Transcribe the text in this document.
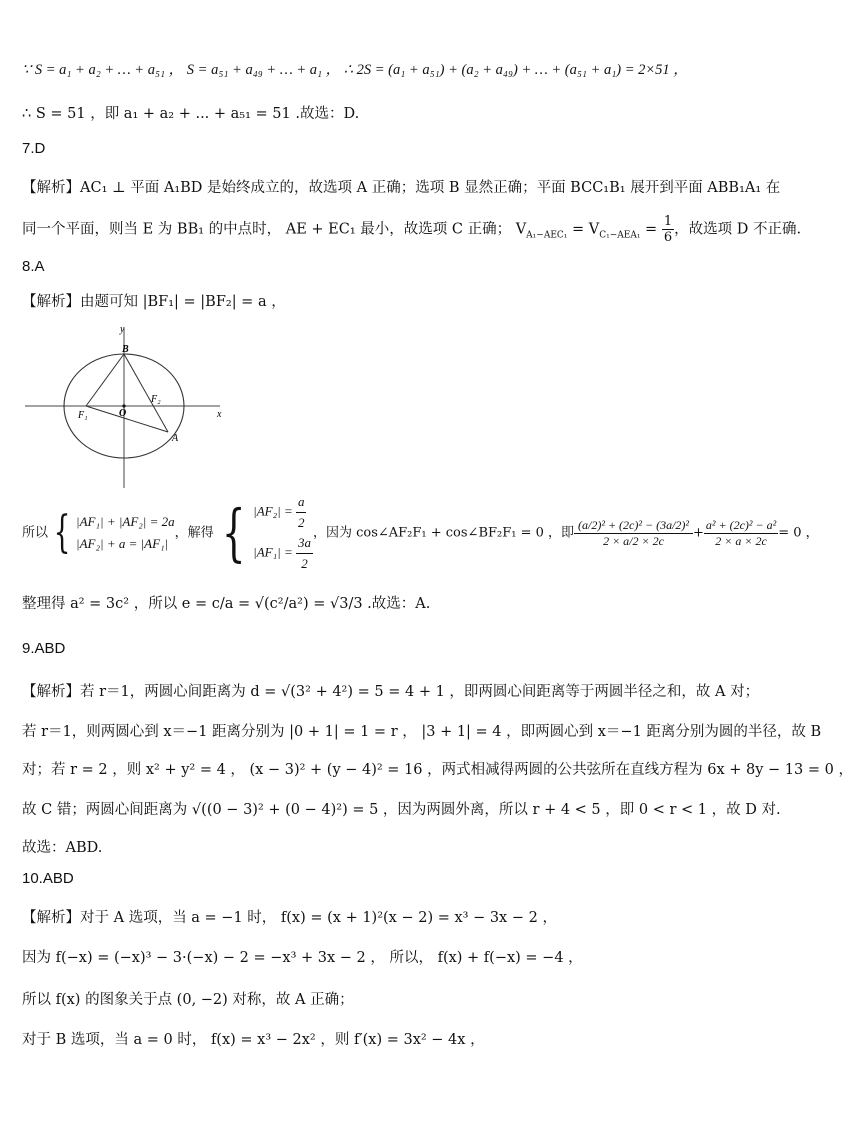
∵ S = a₁ + a₂ + … + a₅₁ ， S = a₅₁ + a₄₉ + … + a₁ ， ∴ 2S = (a₁ + a₅₁) + (a₂ + a₄₉) + … + (a₅₁ + a₁) = 2×51 ，
∴ S = 51 ，即 a₁ + a₂ + ... + a₅₁ = 51 .故选：D.
7.D
【解析】AC₁ ⊥ 平面 A₁BD 是始终成立的，故选项 A 正确；选项 B 显然正确；平面 BCC₁B₁ 展开到平面 ABB₁A₁ 在
同一个平面，则当 E 为 BB₁ 的中点时， AE + EC₁ 最小，故选项 C 正确； $V_{A_1-AEC_1} = V_{C_1-AEA_1} = \frac{1}{6}$ ，故选项 D 不正确.
8.A
【解析】由题可知 |BF₁| = |BF₂| = a ，
y
x
B
F₁	O
F₂
A
所以 { |AF₁| + |AF₂| = 2a
|AF₂| + a = |AF₁|
，解得 { $|AF_2| = \frac{a}{2}$
$|AF_1| = \frac{3a}{2}$ ，因为 cos∠AF₂F₁ + cos∠BF₂F₁ = 0 ，即 $\frac{\text{(a/2)² + (2c)² − (3a/2)²}}{2 \times a/2 \times 2c} + \frac{\text{a² + (2c)² − a²}}{2 \times a \times 2c} = 0$ ，
整理得 a² = 3c² ，所以 e = c/a = √(c²/a²) = √3/3 .故选：A.
9.ABD
【解析】若 r＝1，两圆心间距离为 d = √(3² + 4²) = 5 = 4 + 1 ，即两圆心间距离等于两圆半径之和，故 A 对；
若 r＝1，则两圆心到 x＝−1 距离分别为 |0 + 1| = 1 = r ， |3 + 1| = 4 ，即两圆心到 x＝−1 距离分别为圆的半径，故 B
对；若 r = 2 ，则 x² + y² = 4 ， (x − 3)² + (y − 4)² = 16 ，两式相减得两圆的公共弦所在直线方程为 6x + 8y − 13 = 0 ，
故 C 错；两圆心间距离为 √((0 − 3)² + (0 − 4)²) = 5 ，因为两圆外离，所以 r + 4 < 5 ，即 0 < r < 1 ，故 D 对.
故选：ABD.
10.ABD
【解析】对于 A 选项，当 a = −1 时， f(x) = (x + 1)²(x − 2) = x³ − 3x − 2 ，
因为 f(−x) = (−x)³ − 3·(−x) − 2 = −x³ + 3x − 2 ， 所以， f(x) + f(−x) = −4 ，
所以 f(x) 的图象关于点 (0, −2) 对称，故 A 正确；
对于 B 选项，当 a = 0 时， f(x) = x³ − 2x² ，则 f′(x) = 3x² − 4x ，
